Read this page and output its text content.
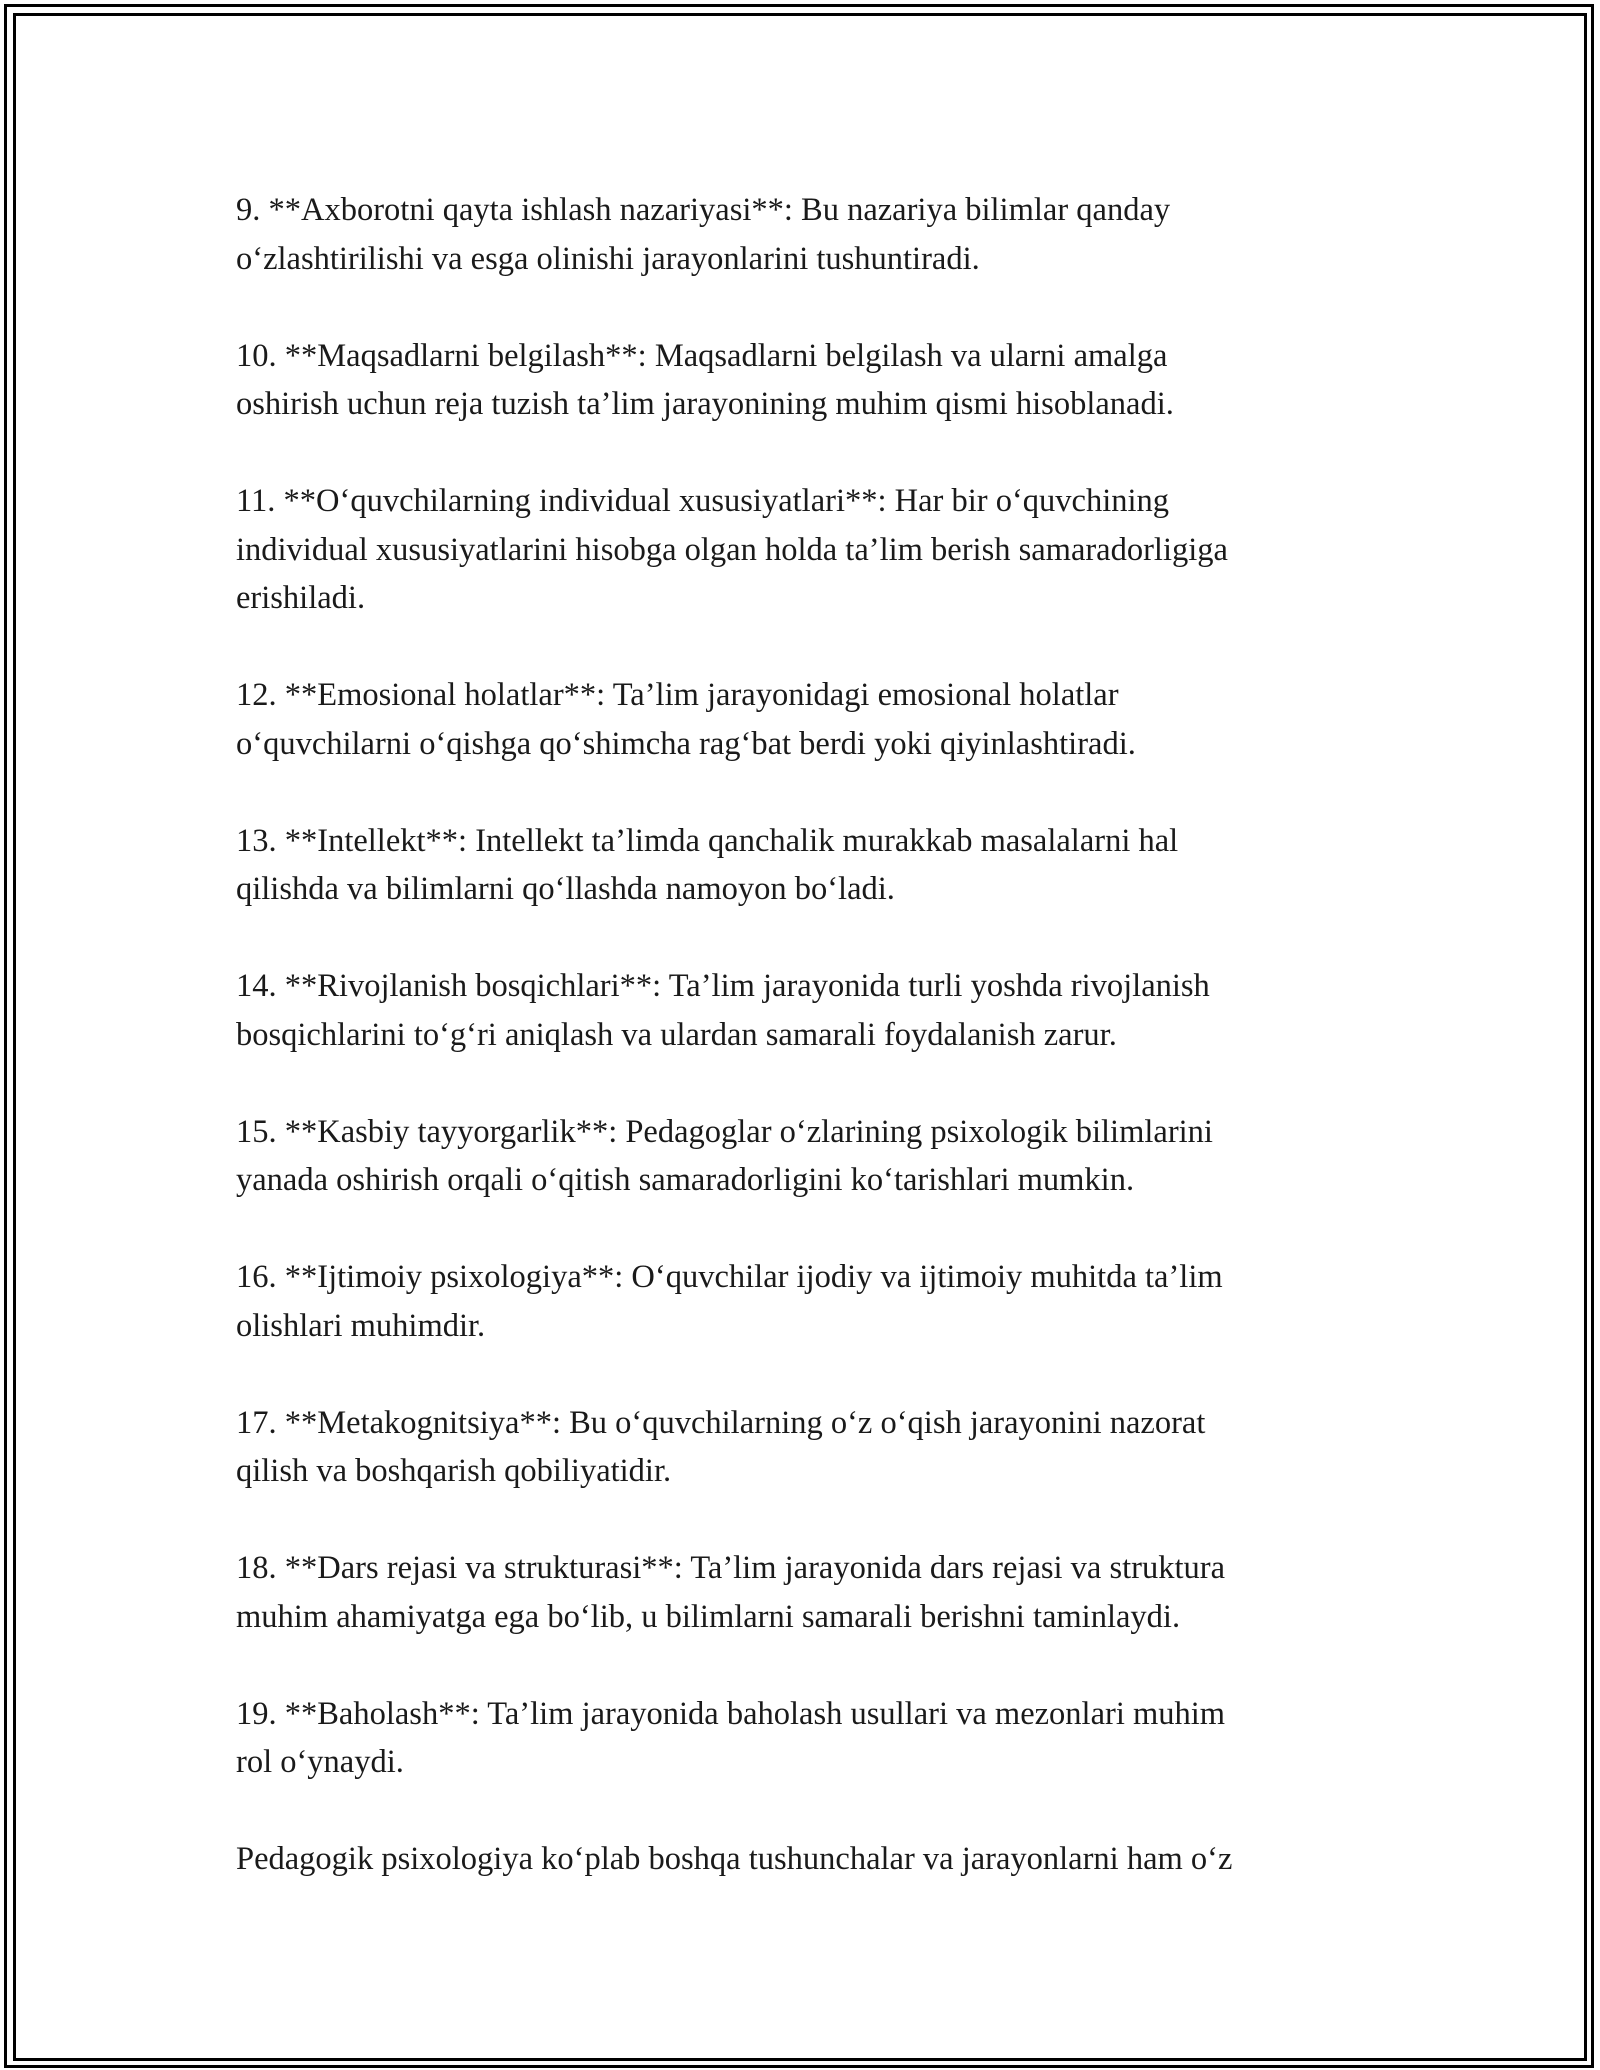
9. **Axborotni qayta ishlash nazariyasi**: Bu nazariya bilimlar qanday
o‘zlashtirilishi va esga olinishi jarayonlarini tushuntiradi.

10. **Maqsadlarni belgilash**: Maqsadlarni belgilash va ularni amalga
oshirish uchun reja tuzish ta’lim jarayonining muhim qismi hisoblanadi.

11. **O‘quvchilarning individual xususiyatlari**: Har bir o‘quvchining
individual xususiyatlarini hisobga olgan holda ta’lim berish samaradorligiga
erishiladi.

12. **Emosional holatlar**: Ta’lim jarayonidagi emosional holatlar
o‘quvchilarni o‘qishga qo‘shimcha rag‘bat berdi yoki qiyinlashtiradi.

13. **Intellekt**: Intellekt ta’limda qanchalik murakkab masalalarni hal
qilishda va bilimlarni qo‘llashda namoyon bo‘ladi.

14. **Rivojlanish bosqichlari**: Ta’lim jarayonida turli yoshda rivojlanish
bosqichlarini to‘g‘ri aniqlash va ulardan samarali foydalanish zarur.

15. **Kasbiy tayyorgarlik**: Pedagoglar o‘zlarining psixologik bilimlarini
yanada oshirish orqali o‘qitish samaradorligini ko‘tarishlari mumkin.

16. **Ijtimoiy psixologiya**: O‘quvchilar ijodiy va ijtimoiy muhitda ta’lim
olishlari muhimdir.

17. **Metakognitsiya**: Bu o‘quvchilarning o‘z o‘qish jarayonini nazorat
qilish va boshqarish qobiliyatidir.

18. **Dars rejasi va strukturasi**: Ta’lim jarayonida dars rejasi va struktura
muhim ahamiyatga ega bo‘lib, u bilimlarni samarali berishni taminlaydi.

19. **Baholash**: Ta’lim jarayonida baholash usullari va mezonlari muhim
rol o‘ynaydi.

Pedagogik psixologiya ko‘plab boshqa tushunchalar va jarayonlarni ham o‘z
